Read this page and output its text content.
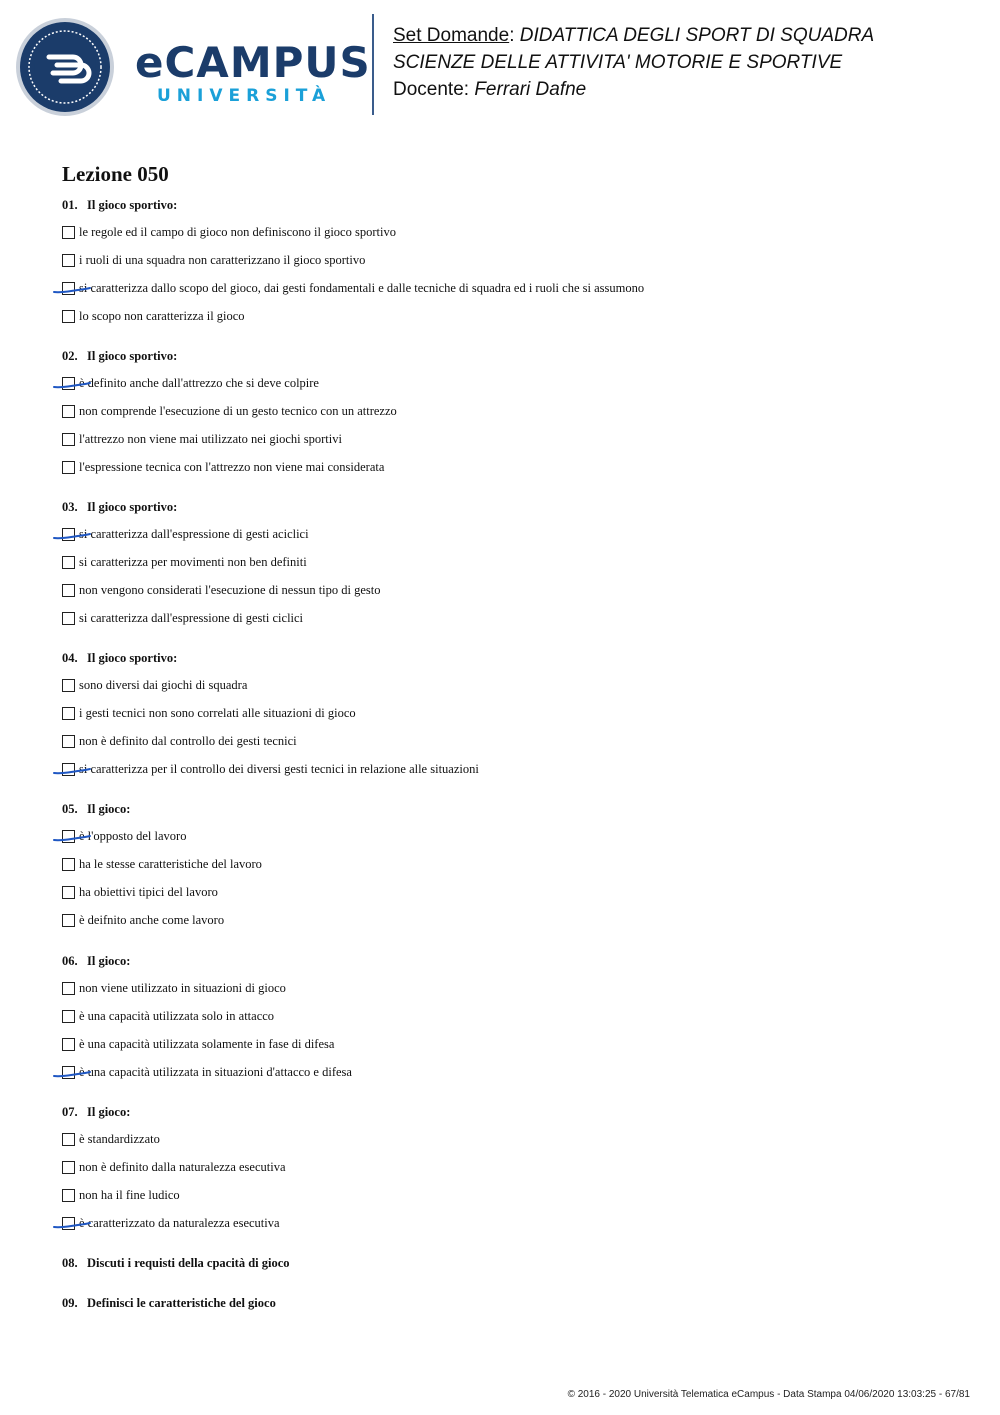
eCAMPUS
UNIVERSITÀ
Set Domande: DIDATTICA DEGLI SPORT DI SQUADRA
SCIENZE DELLE ATTIVITA' MOTORIE E SPORTIVE
Docente: Ferrari Dafne
Lezione 050
01. Il gioco sportivo:
le regole ed il campo di gioco non definiscono il gioco sportivo
i ruoli di una squadra non caratterizzano il gioco sportivo
si caratterizza dallo scopo del gioco, dai gesti fondamentali e dalle tecniche di squadra ed i ruoli che si assumono
lo scopo non caratterizza il gioco
02. Il gioco sportivo:
è definito anche dall'attrezzo che si deve colpire
non comprende l'esecuzione di un gesto tecnico con un attrezzo
l'attrezzo non viene mai utilizzato nei giochi sportivi
l'espressione tecnica con l'attrezzo non viene mai considerata
03. Il gioco sportivo:
si caratterizza dall'espressione di gesti aciclici
si caratterizza per movimenti non ben definiti
non vengono considerati l'esecuzione di nessun tipo di gesto
si caratterizza dall'espressione di gesti ciclici
04. Il gioco sportivo:
sono diversi dai giochi di squadra
i gesti tecnici non sono correlati alle situazioni di gioco
non è definito dal controllo dei gesti tecnici
si caratterizza per il controllo dei diversi gesti tecnici in relazione alle situazioni
05. Il gioco:
è l'opposto del lavoro
ha le stesse caratteristiche del lavoro
ha obiettivi tipici del lavoro
è deifnito anche come lavoro
06. Il gioco:
non viene utilizzato in situazioni di gioco
è una capacità utilizzata solo in attacco
è una capacità utilizzata solamente in fase di difesa
è una capacità utilizzata in situazioni d'attacco e difesa
07. Il gioco:
è standardizzato
non è definito dalla naturalezza esecutiva
non ha il fine ludico
è caratterizzato da naturalezza esecutiva
08. Discuti i requisti della cpacità di gioco
09. Definisci le caratteristiche del gioco
© 2016 - 2020 Università Telematica eCampus - Data Stampa 04/06/2020 13:03:25 - 67/81
